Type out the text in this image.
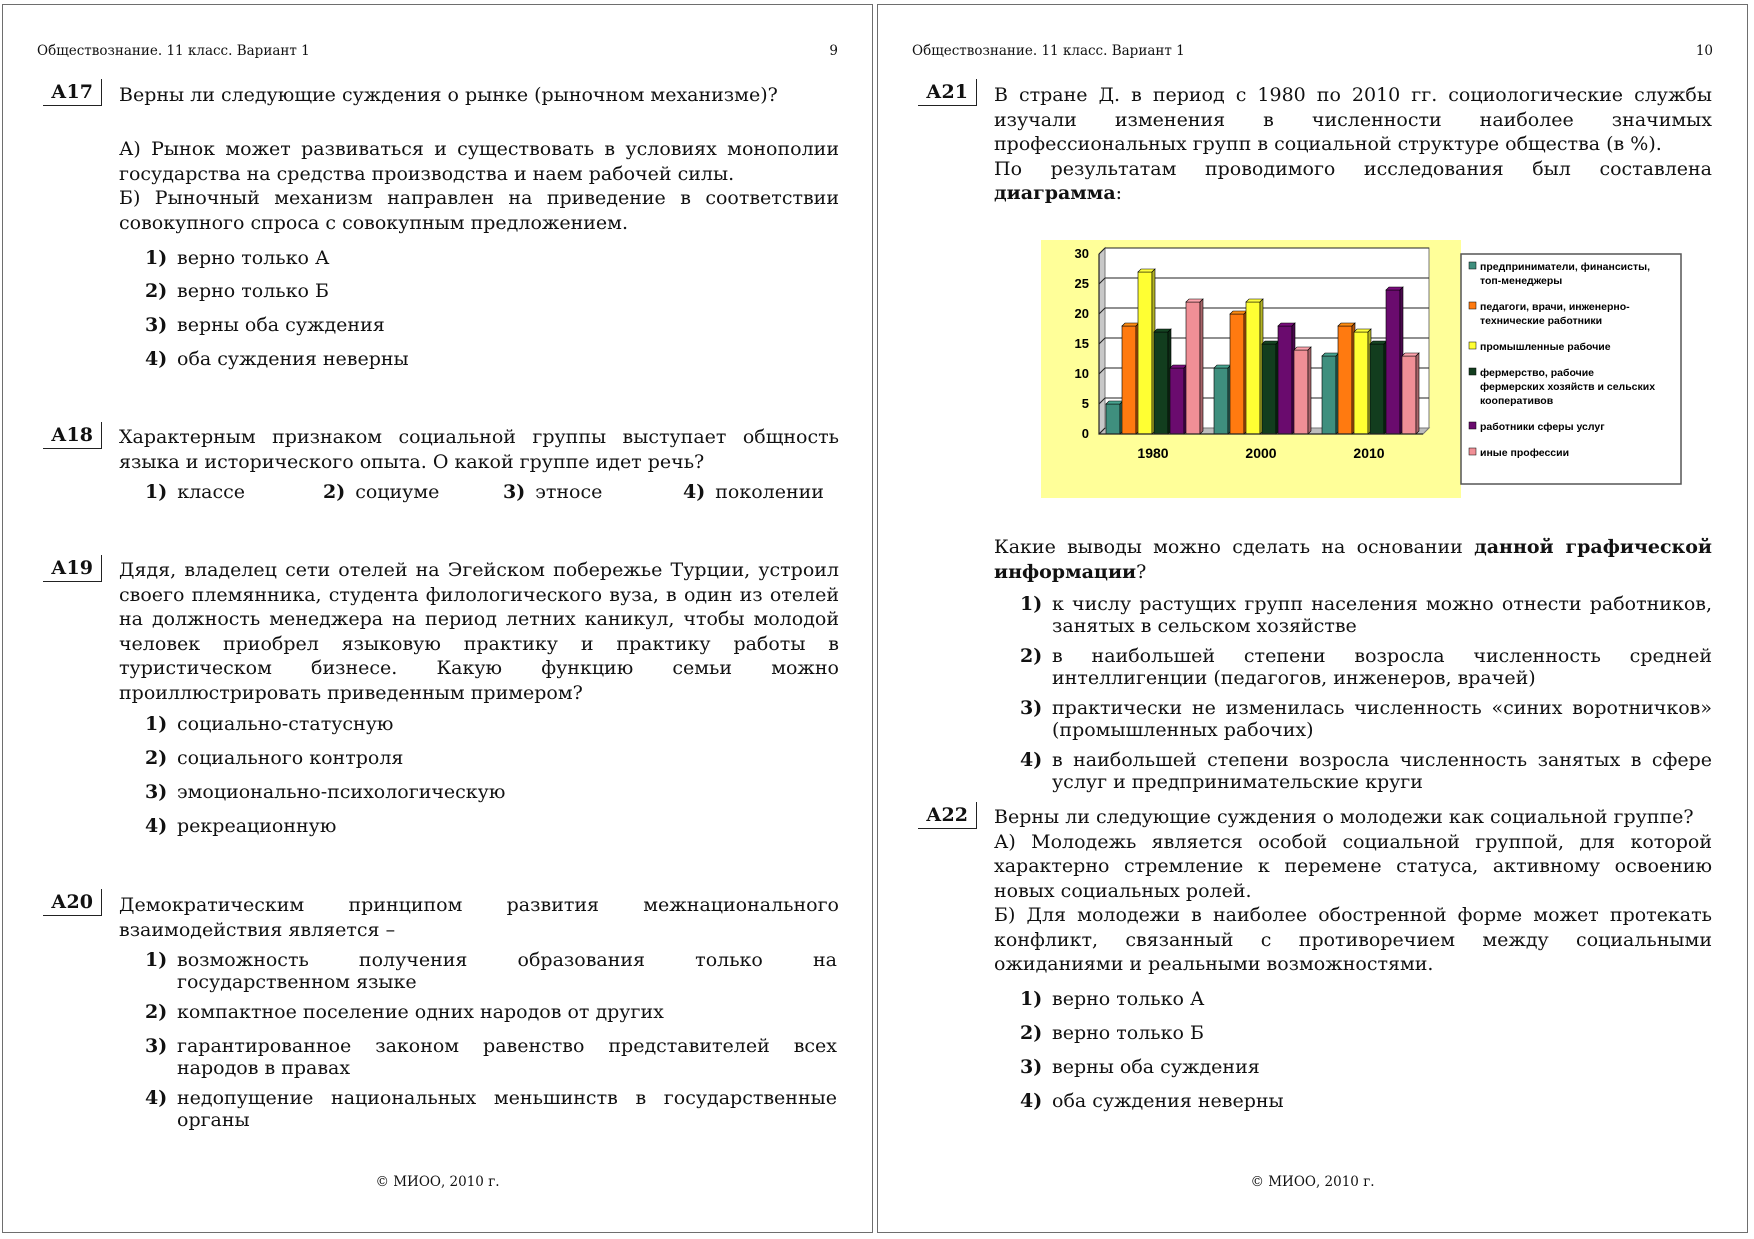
Обществознание. 11 класс. Вариант 1	9
А17	Верны ли следующие суждения о рынке (рыночном механизме)?

А) Рынок может развиваться и существовать в условиях монополии государства на средства производства и наем рабочей силы.

Б) Рыночный механизм направлен на приведение в соответствии совокупного спроса с совокупным предложением.

1) верно только А
2) верно только Б
3) верны оба суждения
4) оба суждения неверны
А18	Характерным признаком социальной группы выступает общность языка и исторического опыта. О какой группе идет речь?
1) классе	2) социуме	3) этносе	4) поколении
А19	Дядя, владелец сети отелей на Эгейском побережье Турции, устроил своего племянника, студента филологического вуза, в один из отелей на должность менеджера на период летних каникул, чтобы молодой человек приобрел языковую практику и практику работы в туристическом бизнесе. Какую функцию семьи можно проиллюстрировать приведенным примером?
1) социально-статусную
2) социального контроля
3) эмоционально-психологическую
4) рекреационную
А20	Демократическим принципом развития межнационального взаимодействия является –
1) возможность получения образования только на государственном языке
2) компактное поселение одних народов от других
3) гарантированное законом равенство представителей всех народов в правах
4) недопущение национальных меньшинств в государственные органы
© МИОО, 2010 г.
Обществознание. 11 класс. Вариант 1	10
А21	В стране Д. в период с 1980 по 2010 гг. социологические службы изучали изменения в численности наиболее значимых профессиональных групп в социальной структуре общества (в %).

По результатам проводимого исследования был составлена диаграмма:

0
5
10
15
20
25
30
1980	2000	2010
предприниматели, финансисты,
топ-менеджеры
педагоги, врачи, инженерно-
технические работники
промышленные рабочие
фермерство, рабочие
фермерских хозяйств и сельских
кооперативов
работники сферы услуг
иные профессии
Какие выводы можно сделать на основании данной графической информации?
1) к числу растущих групп населения можно отнести работников, занятых в сельском хозяйстве
2) в наибольшей степени возросла численность средней интеллигенции (педагогов, инженеров, врачей)
3) практически не изменилась численность «синих воротничков» (промышленных рабочих)
4) в наибольшей степени возросла численность занятых в сфере услуг и предпринимательские круги
А22	Верны ли следующие суждения о молодежи как социальной группе?

А) Молодежь является особой социальной группой, для которой характерно стремление к перемене статуса, активному освоению новых социальных ролей.

Б) Для молодежи в наиболее обостренной форме может протекать конфликт, связанный с противоречием между социальными ожиданиями и реальными возможностями.

1) верно только А
2) верно только Б
3) верны оба суждения
4) оба суждения неверны
© МИОО, 2010 г.
